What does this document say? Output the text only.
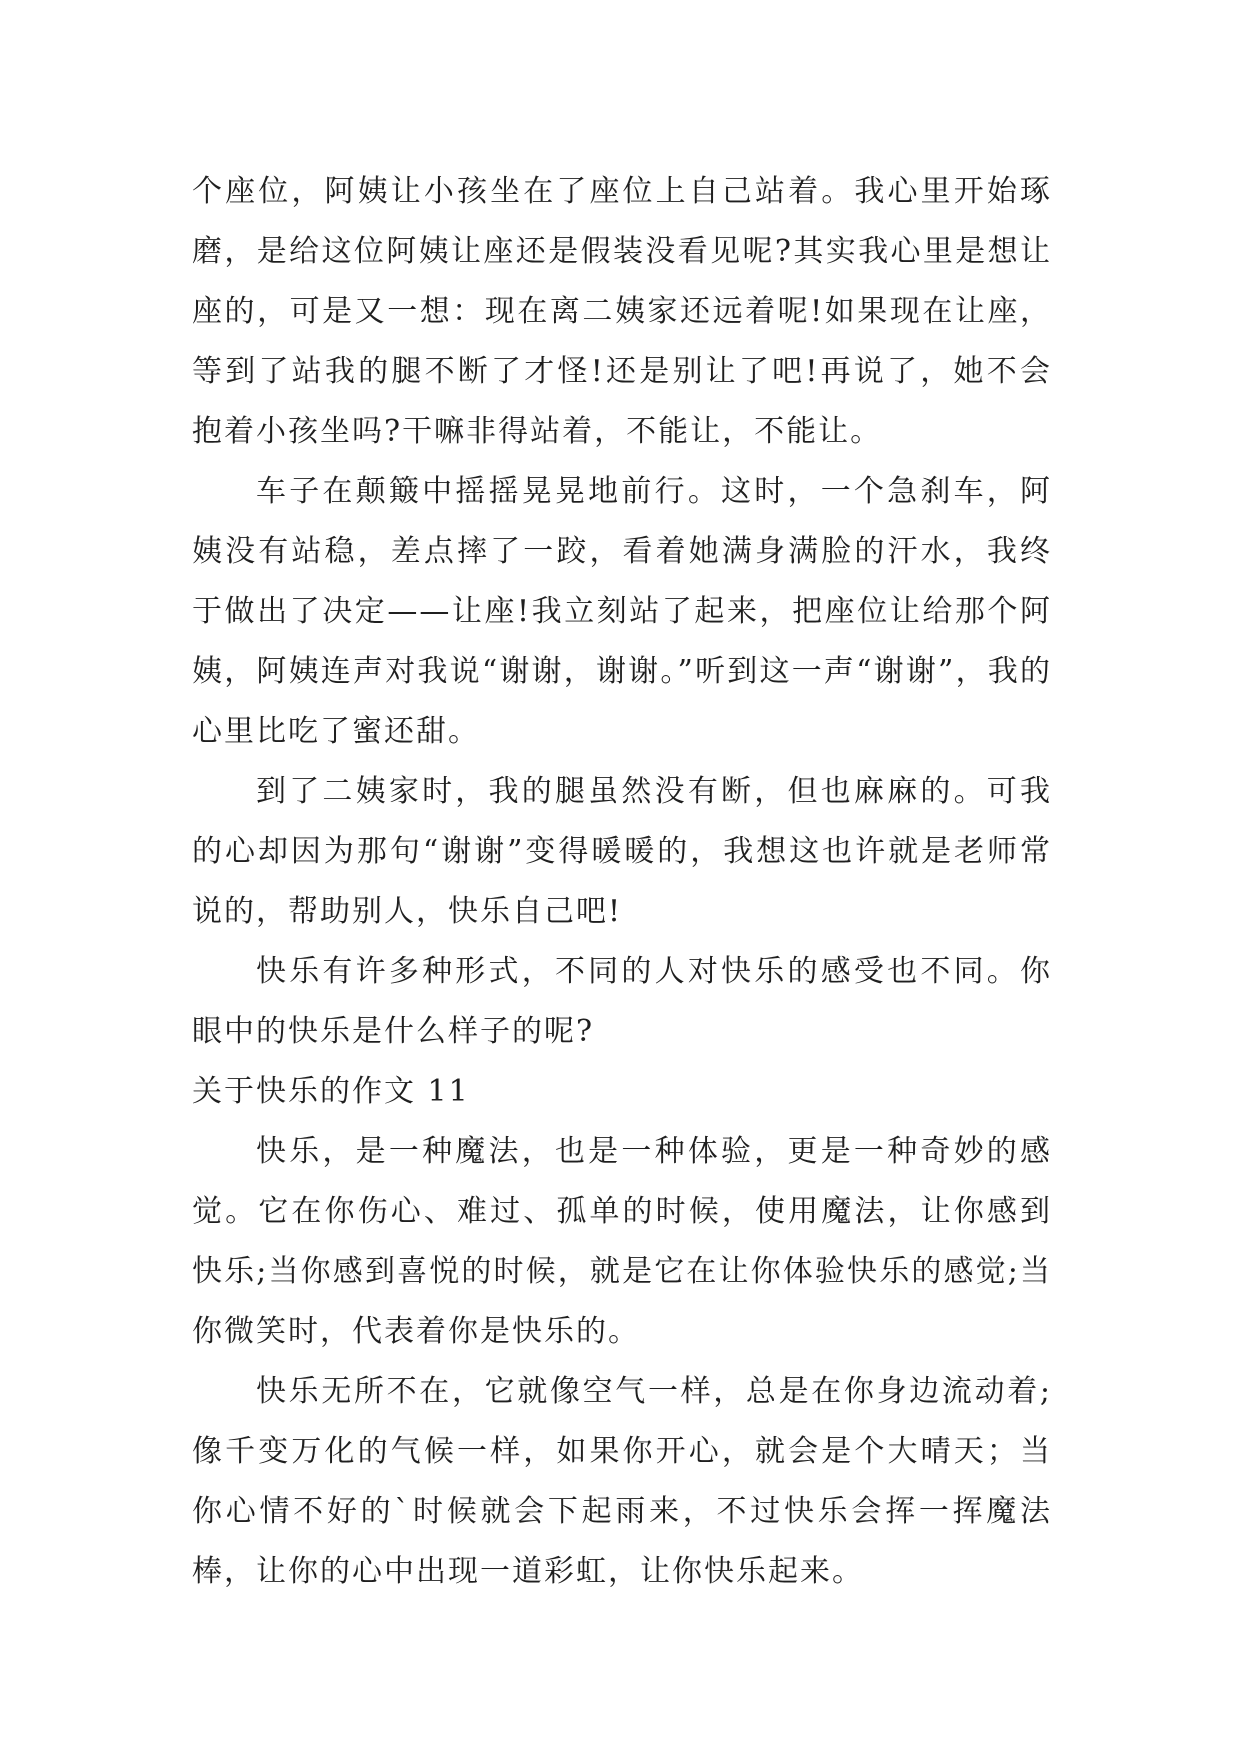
个座位，阿姨让小孩坐在了座位上自己站着。我心里开始琢磨，是给这位阿姨让座还是假装没看见呢?其实我心里是想让座的，可是又一想：现在离二姨家还远着呢!如果现在让座，等到了站我的腿不断了才怪!还是别让了吧!再说了，她不会抱着小孩坐吗?干嘛非得站着，不能让，不能让。

车子在颠簸中摇摇晃晃地前行。这时，一个急刹车，阿姨没有站稳，差点摔了一跤，看着她满身满脸的汗水，我终于做出了决定——让座!我立刻站了起来，把座位让给那个阿姨，阿姨连声对我说“谢谢，谢谢。”听到这一声“谢谢”，我的心里比吃了蜜还甜。

到了二姨家时，我的腿虽然没有断，但也麻麻的。可我的心却因为那句“谢谢”变得暖暖的，我想这也许就是老师常说的，帮助别人，快乐自己吧!

快乐有许多种形式，不同的人对快乐的感受也不同。你眼中的快乐是什么样子的呢?

关于快乐的作文 11

快乐，是一种魔法，也是一种体验，更是一种奇妙的感觉。它在你伤心、难过、孤单的时候，使用魔法，让你感到快乐;当你感到喜悦的时候，就是它在让你体验快乐的感觉;当你微笑时，代表着你是快乐的。

快乐无所不在，它就像空气一样，总是在你身边流动着;像千变万化的气候一样，如果你开心，就会是个大晴天；当你心情不好的`时候就会下起雨来，不过快乐会挥一挥魔法棒，让你的心中出现一道彩虹，让你快乐起来。
